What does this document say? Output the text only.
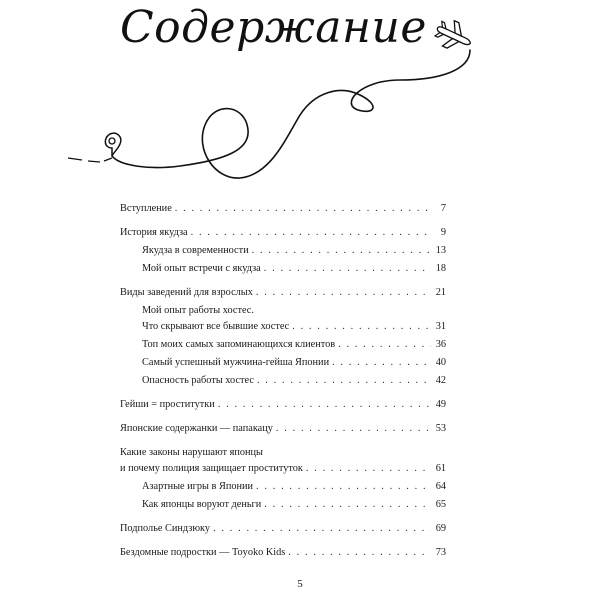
Содержание
Вступление . . .	7
История якудза . . .	9
Якудза в современности . . .	13
Мой опыт встречи с якудза . . .	18
Виды заведений для взрослых . . .	21
Мой опыт работы хостес.
Что скрывают все бывшие хостес . . .	31
Топ моих самых запоминающихся клиентов . . .	36
Самый успешный мужчина-гейша Японии . . .	40
Опасность работы хостес . . .	42
Гейши = проститутки . . .	49
Японские содержанки — папакацу . . .	53
Какие законы нарушают японцы
и почему полиция защищает проституток . . .	61
Азартные игры в Японии . . .	64
Как японцы воруют деньги . . .	65
Подполье Синдзюку . . .	69
Бездомные подростки — Toyoko Kids . . .	73
5
